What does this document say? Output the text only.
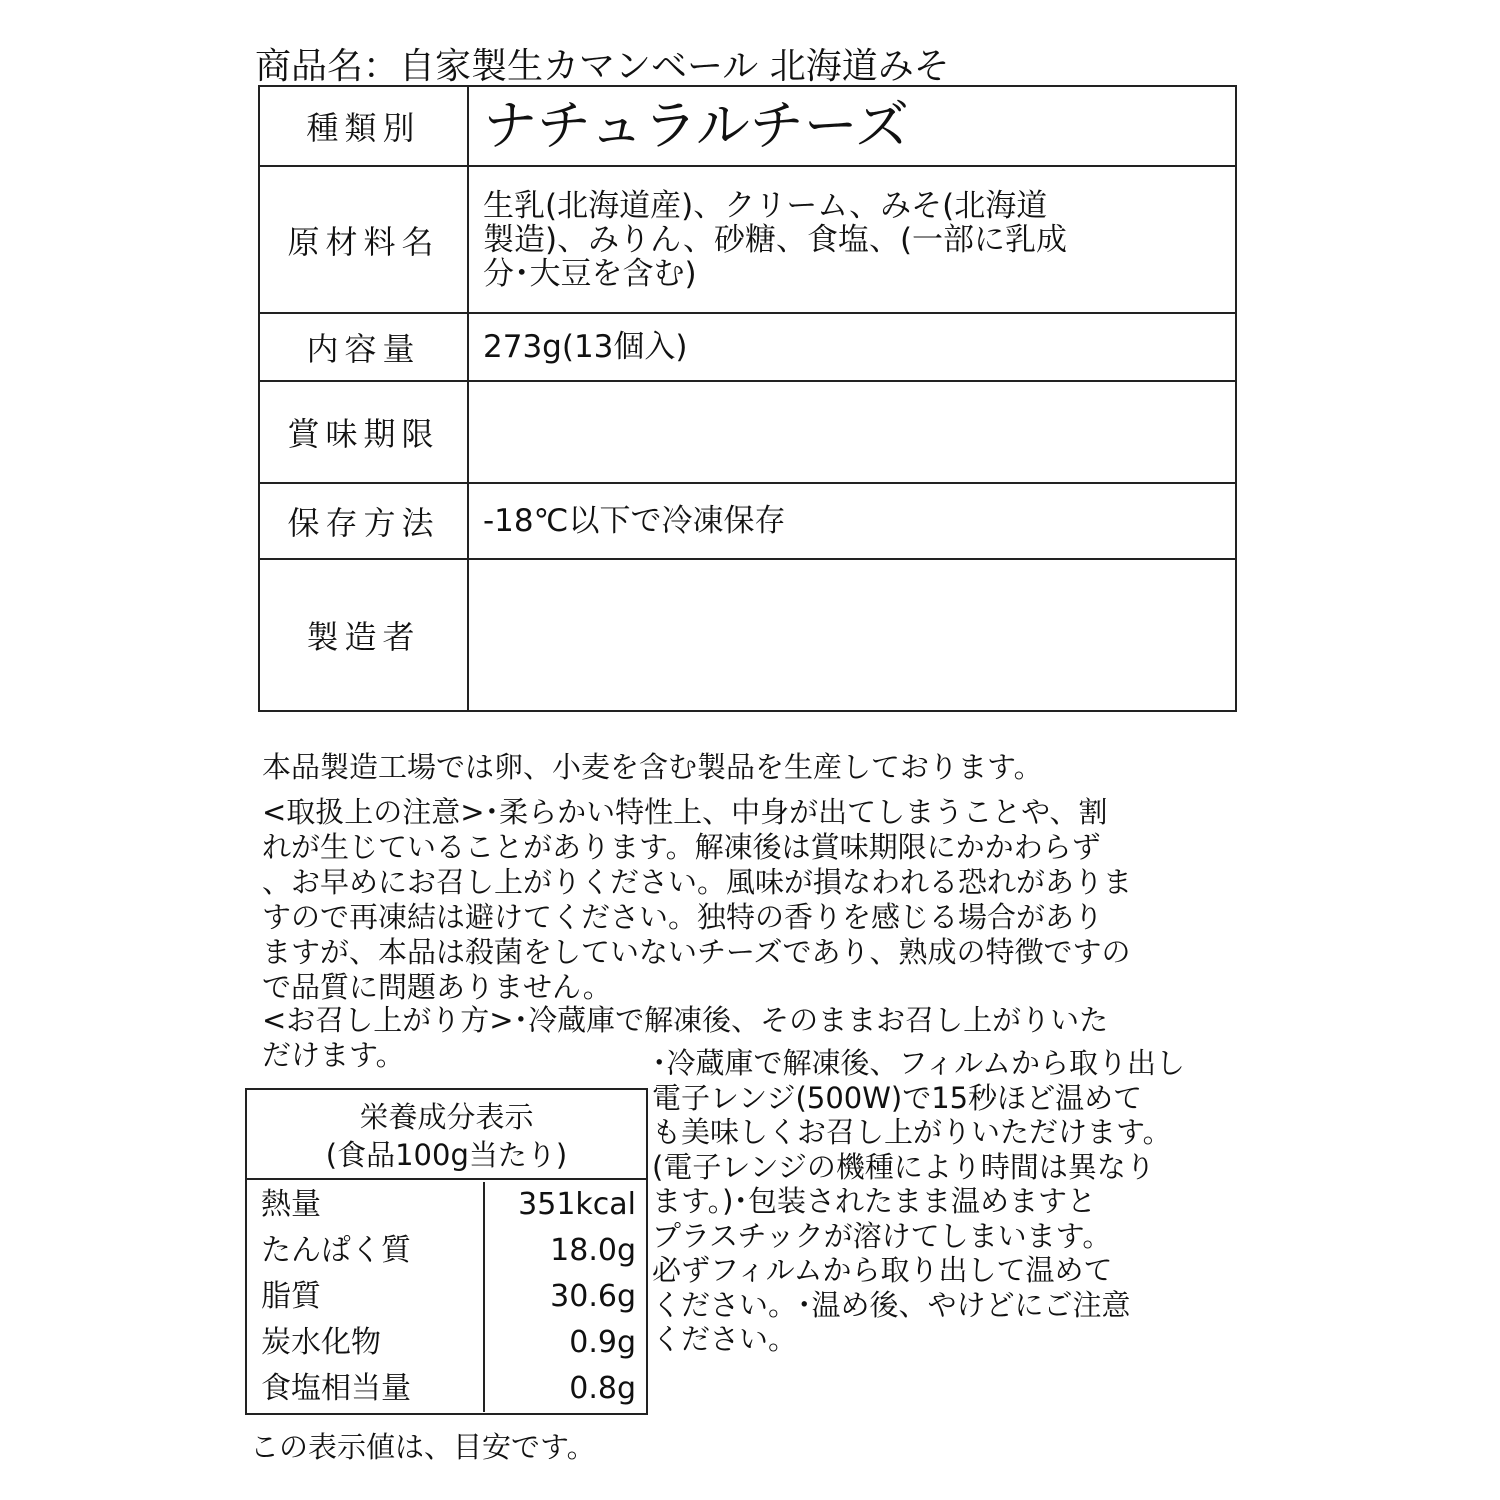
商品名：自家製生カマンベール 北海道みそ
種類別	ナチュラルチーズ
原材料名	生乳(北海道産)、クリーム、みそ(北海道
製造)、みりん、砂糖、食塩、(一部に乳成
分･大豆を含む)

内容量	273g(13個入)
賞味期限	
保存方法	-18℃以下で冷凍保存
製造者	
本品製造工場では卵、小麦を含む製品を生産しております。
<取扱上の注意>･柔らかい特性上、中身が出てしまうことや、割
れが生じていることがあります。解凍後は賞味期限にかかわらず
、お早めにお召し上がりください。風味が損なわれる恐れがありま
すので再凍結は避けてください。独特の香りを感じる場合があり
ますが、本品は殺菌をしていないチーズであり、熟成の特徴ですの
で品質に問題ありません。
<お召し上がり方>･冷蔵庫で解凍後、そのままお召し上がりいた
だけます。	･冷蔵庫で解凍後、フィルムから取り出し
電子レンジ(500W)で15秒ほど温めて
も美味しくお召し上がりいただけます。
(電子レンジの機種により時間は異なり
ます。)･包装されたまま温めますと
プラスチックが溶けてしまいます。
必ずフィルムから取り出して温めて
ください。･温め後、やけどにご注意
ください。
栄養成分表示
(食品100g当たり)
熱量	351kcal
たんぱく質	18.0g
脂質	30.6g
炭水化物	0.9g
食塩相当量	0.8g
この表示値は、目安です。
